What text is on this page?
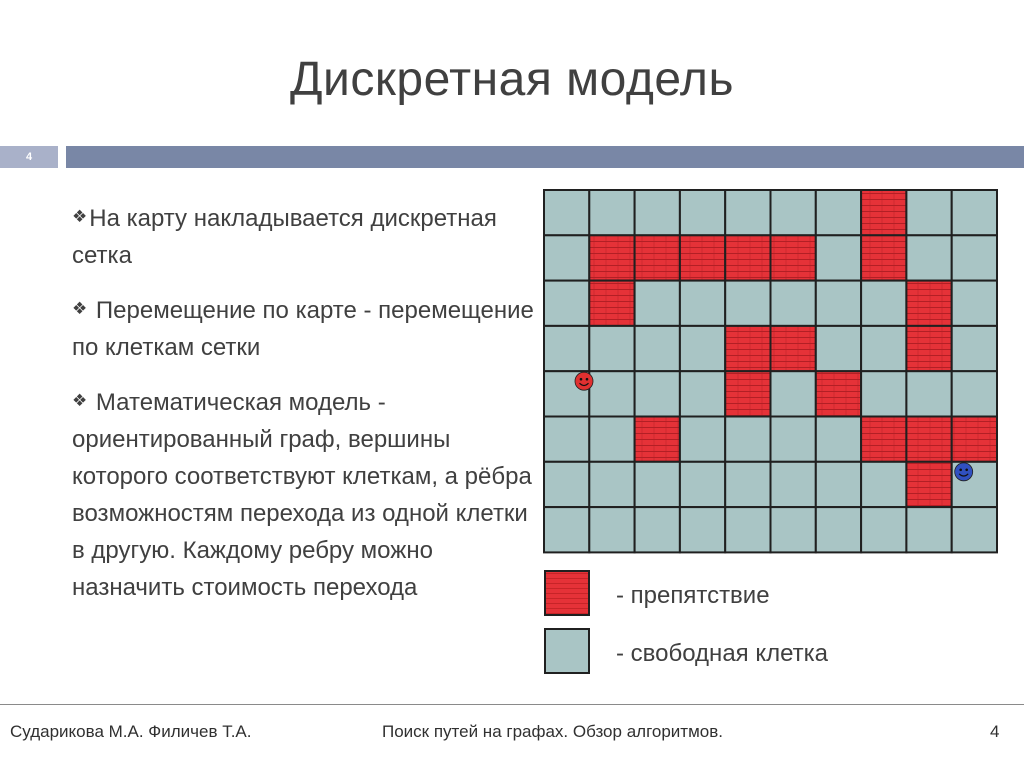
Дискретная модель
4
❖На карту накладывается дискретная сетка
❖ Перемещение по карте - перемещение по клеткам сетки
❖ Математическая модель - ориентированный граф, вершины которого соответствуют клеткам, а рёбра возможностям перехода из одной клетки в другую. Каждому ребру можно назначить стоимость перехода	- препятствие
- свободная клетка
Сударикова М.А. Филичев Т.А.	Поиск путей на графах. Обзор алгоритмов.	4
